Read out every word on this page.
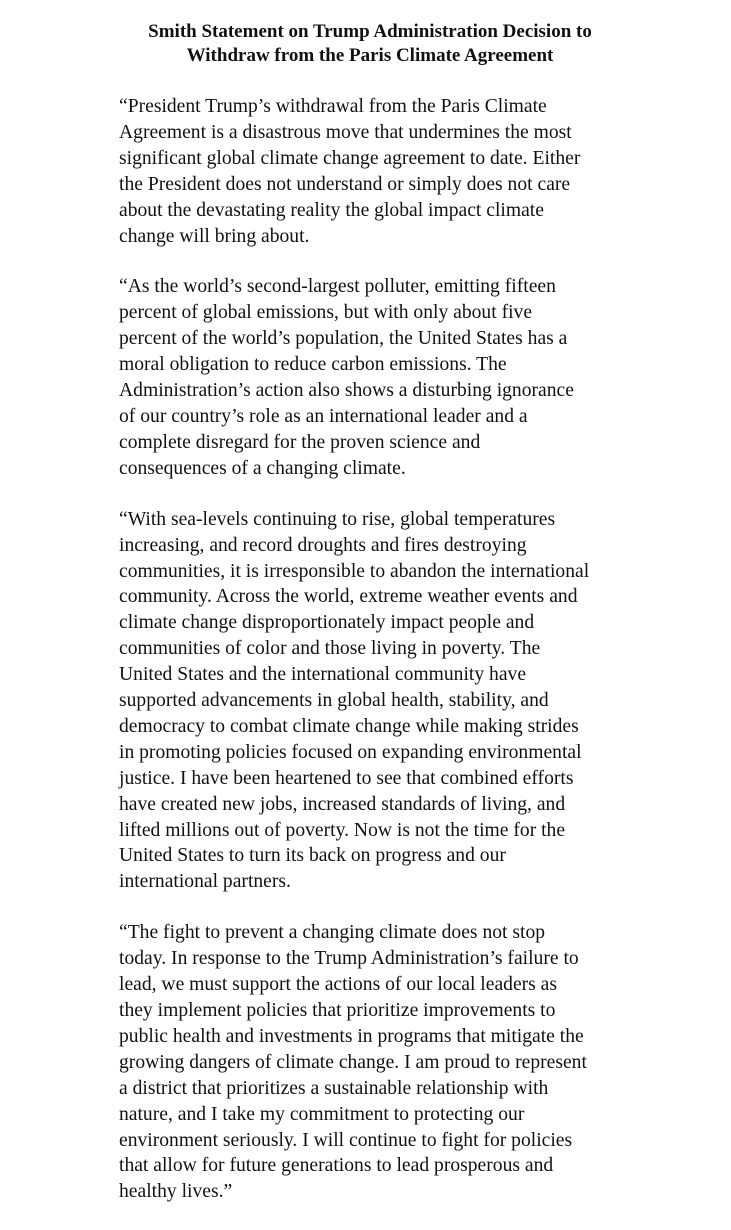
Smith Statement on Trump Administration Decision to
Withdraw from the Paris Climate Agreement

“President Trump’s withdrawal from the Paris Climate
Agreement is a disastrous move that undermines the most
significant global climate change agreement to date. Either
the President does not understand or simply does not care
about the devastating reality the global impact climate
change will bring about.

“As the world’s second-largest polluter, emitting fifteen
percent of global emissions, but with only about five
percent of the world’s population, the United States has a
moral obligation to reduce carbon emissions. The
Administration’s action also shows a disturbing ignorance
of our country’s role as an international leader and a
complete disregard for the proven science and
consequences of a changing climate.

“With sea-levels continuing to rise, global temperatures
increasing, and record droughts and fires destroying
communities, it is irresponsible to abandon the international
community. Across the world, extreme weather events and
climate change disproportionately impact people and
communities of color and those living in poverty. The
United States and the international community have
supported advancements in global health, stability, and
democracy to combat climate change while making strides
in promoting policies focused on expanding environmental
justice. I have been heartened to see that combined efforts
have created new jobs, increased standards of living, and
lifted millions out of poverty. Now is not the time for the
United States to turn its back on progress and our
international partners.

“The fight to prevent a changing climate does not stop
today. In response to the Trump Administration’s failure to
lead, we must support the actions of our local leaders as
they implement policies that prioritize improvements to
public health and investments in programs that mitigate the
growing dangers of climate change. I am proud to represent
a district that prioritizes a sustainable relationship with
nature, and I take my commitment to protecting our
environment seriously. I will continue to fight for policies
that allow for future generations to lead prosperous and
healthy lives.”
